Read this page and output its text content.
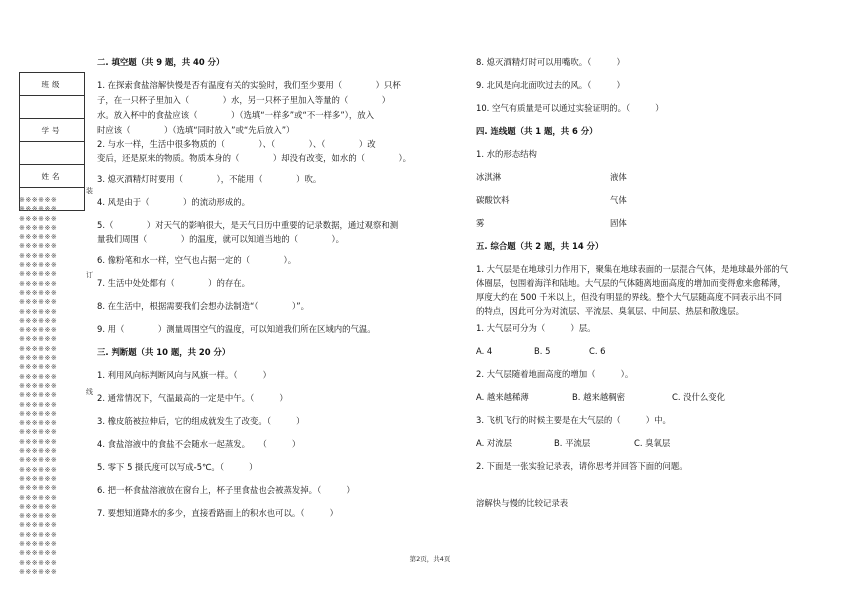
班级

学号

姓名

※※※※※※
※※※※※※
※※※※※※
※※※※※※
※※※※※※
※※※※※※
※※※※※※
※※※※※※
※※※※※※
※※※※※※
※※※※※※
※※※※※※
※※※※※※
※※※※※※
※※※※※※
※※※※※※
※※※※※※
※※※※※※
※※※※※※
※※※※※※
※※※※※※
※※※※※※
※※※※※※
※※※※※※
※※※※※※
※※※※※※
※※※※※※
※※※※※※
※※※※※※
※※※※※※
※※※※※※
※※※※※※
※※※※※※
※※※※※※
※※※※※※
※※※※※※
※※※※※※
※※※※※※
※※※※※※
※※※※※※
※※※※※※
装
订
线
二. 填空题（共 9 题，共 40 分）
1. 在探索食盐溶解快慢是否有温度有关的实验时，我们至少要用（　　　　）只杯
子，在一只杯子里加入（　　　　）水，另一只杯子里加入等量的（　　　　）
水。放入杯中的食盐应该（　　　　）（选填“一样多”或“不一样多”），放入
时应该（　　　　）（选填“同时放入”或“先后放入”）
2. 与水一样，生活中很多物质的（　　　　）、（　　　　）、（　　　　）改
变后，还是原来的物质。物质本身的（　　　　）却没有改变，如水的（　　　　）。
3. 熄灭酒精灯时要用（　　　　），不能用（　　　　）吹。
4. 风是由于（　　　　）的流动形成的。
5.（　　　　）对天气的影响很大，是天气日历中重要的记录数据，通过观察和测
量我们周围（　　　　）的温度，就可以知道当地的（　　　　）。
6. 像粉笔和水一样，空气也占据一定的（　　　　）。
7. 生活中处处都有（　　　　）的存在。
8. 在生活中，根据需要我们会想办法制造“（　　　　）”。
9. 用（　　　　）测量周围空气的温度，可以知道我们所在区域内的气温。
三. 判断题（共 10 题，共 20 分）
1. 利用风向标判断风向与风旗一样。（　　　）
2. 通常情况下，气温最高的一定是中午。（　　　）
3. 橡皮筋被拉伸后，它的组成就发生了改变。（　　　）
4. 食盐溶液中的食盐不会随水一起蒸发。　　（　　　）
5. 零下 5 摄氏度可以写成-5℃。（　　　）
6. 把一杯食盐溶液放在窗台上，杯子里食盐也会被蒸发掉。（　　　）
7. 要想知道降水的多少，直接看路面上的积水也可以。（　　　）
8. 熄灭酒精灯时可以用嘴吹。（　　　）
9. 北风是向北面吹过去的风。（　　　）
10. 空气有质量是可以通过实验证明的。（　　　）
四. 连线题（共 1 题，共 6 分）
1. 水的形态结构
冰淇淋
碳酸饮料
雾
液体
气体
固体
五. 综合题（共 2 题，共 14 分）
1. 大气层是在地球引力作用下，聚集在地球表面的一层混合气体，是地球最外部的气
体圈层，包围着海洋和陆地。大气层的气体随离地面高度的增加而变得愈来愈稀薄，
厚度大约在 500 千米以上，但没有明显的界线。整个大气层随高度不同表示出不同
的特点，因此可分为对流层、平流层、臭氧层、中间层、热层和散逸层。
1. 大气层可分为（　　　）层。
A. 4	B. 5	C. 6
2. 大气层随着地面高度的增加（　　　）。
A. 越来越稀薄	B. 越来越稠密	C. 没什么变化
3. 飞机飞行的时候主要是在大气层的（　　　）中。
A. 对流层	B. 平流层	C. 臭氧层
2. 下面是一张实验记录表，请你思考并回答下面的问题。
溶解快与慢的比较记录表
第2页，共4页
